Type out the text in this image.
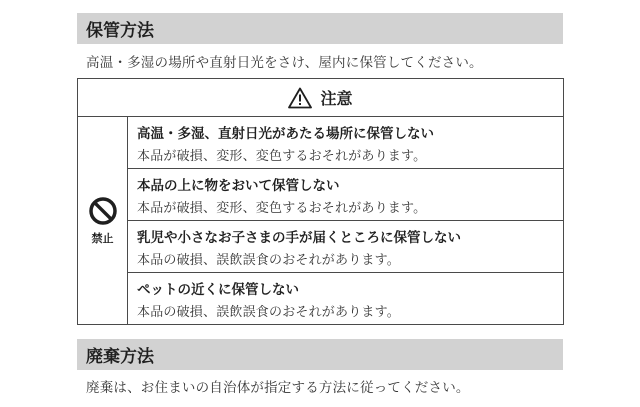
保管方法
高温・多湿の場所や直射日光をさけ、屋内に保管してください。
注意
禁止
高温・多湿、直射日光があたる場所に保管しない
本品が破損、変形、変色するおそれがあります。
本品の上に物をおいて保管しない
本品が破損、変形、変色するおそれがあります。
乳児や小さなお子さまの手が届くところに保管しない
本品の破損、誤飲誤食のおそれがあります。
ペットの近くに保管しない
本品の破損、誤飲誤食のおそれがあります。
廃棄方法
廃棄は、お住まいの自治体が指定する方法に従ってください。
